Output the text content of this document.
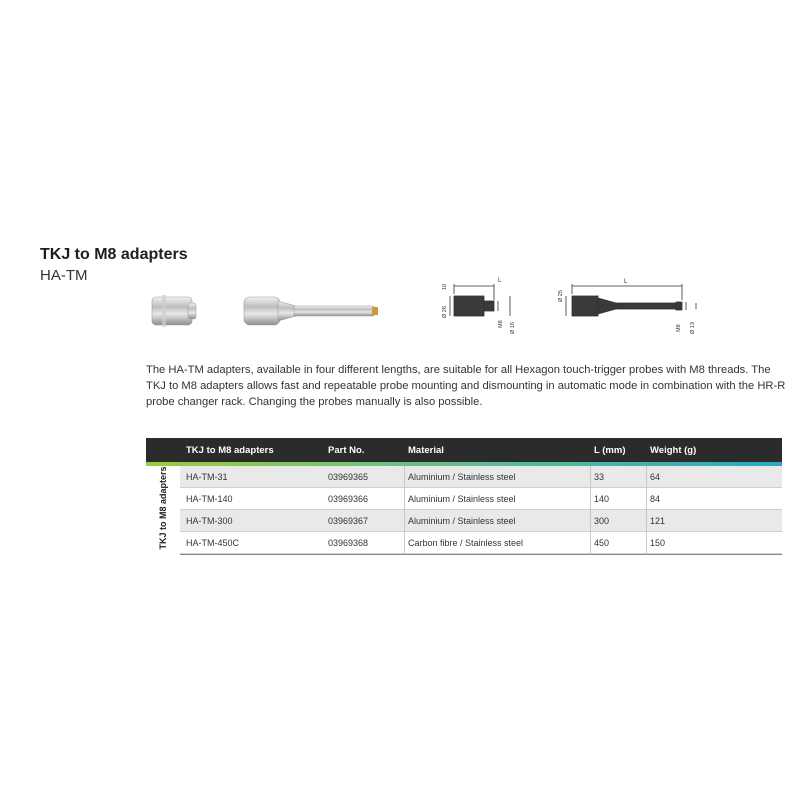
TKJ to M8 adapters
HA-TM	L
Ø 26
10
M8 Ø 16
L
Ø 25
M8 Ø 13
The HA-TM adapters, available in four different lengths, are suitable for all Hexagon touch-trigger probes with M8 threads. The TKJ to M8 adapters allows fast and repeatable probe mounting and dismounting in automatic mode in combination with the HR-R probe changer rack. Changing the probes manually is also possible.
TKJ to M8 adapters	Part No.	Material	L (mm)	Weight (g)
TKJ to M8 adapters HA-TM-31	03969365	Aluminium / Stainless steel	33	64
HA-TM-140	03969366	Aluminium / Stainless steel	140	84
HA-TM-300	03969367	Aluminium / Stainless steel	300	121
HA-TM-450C	03969368	Carbon fibre / Stainless steel	450	150
